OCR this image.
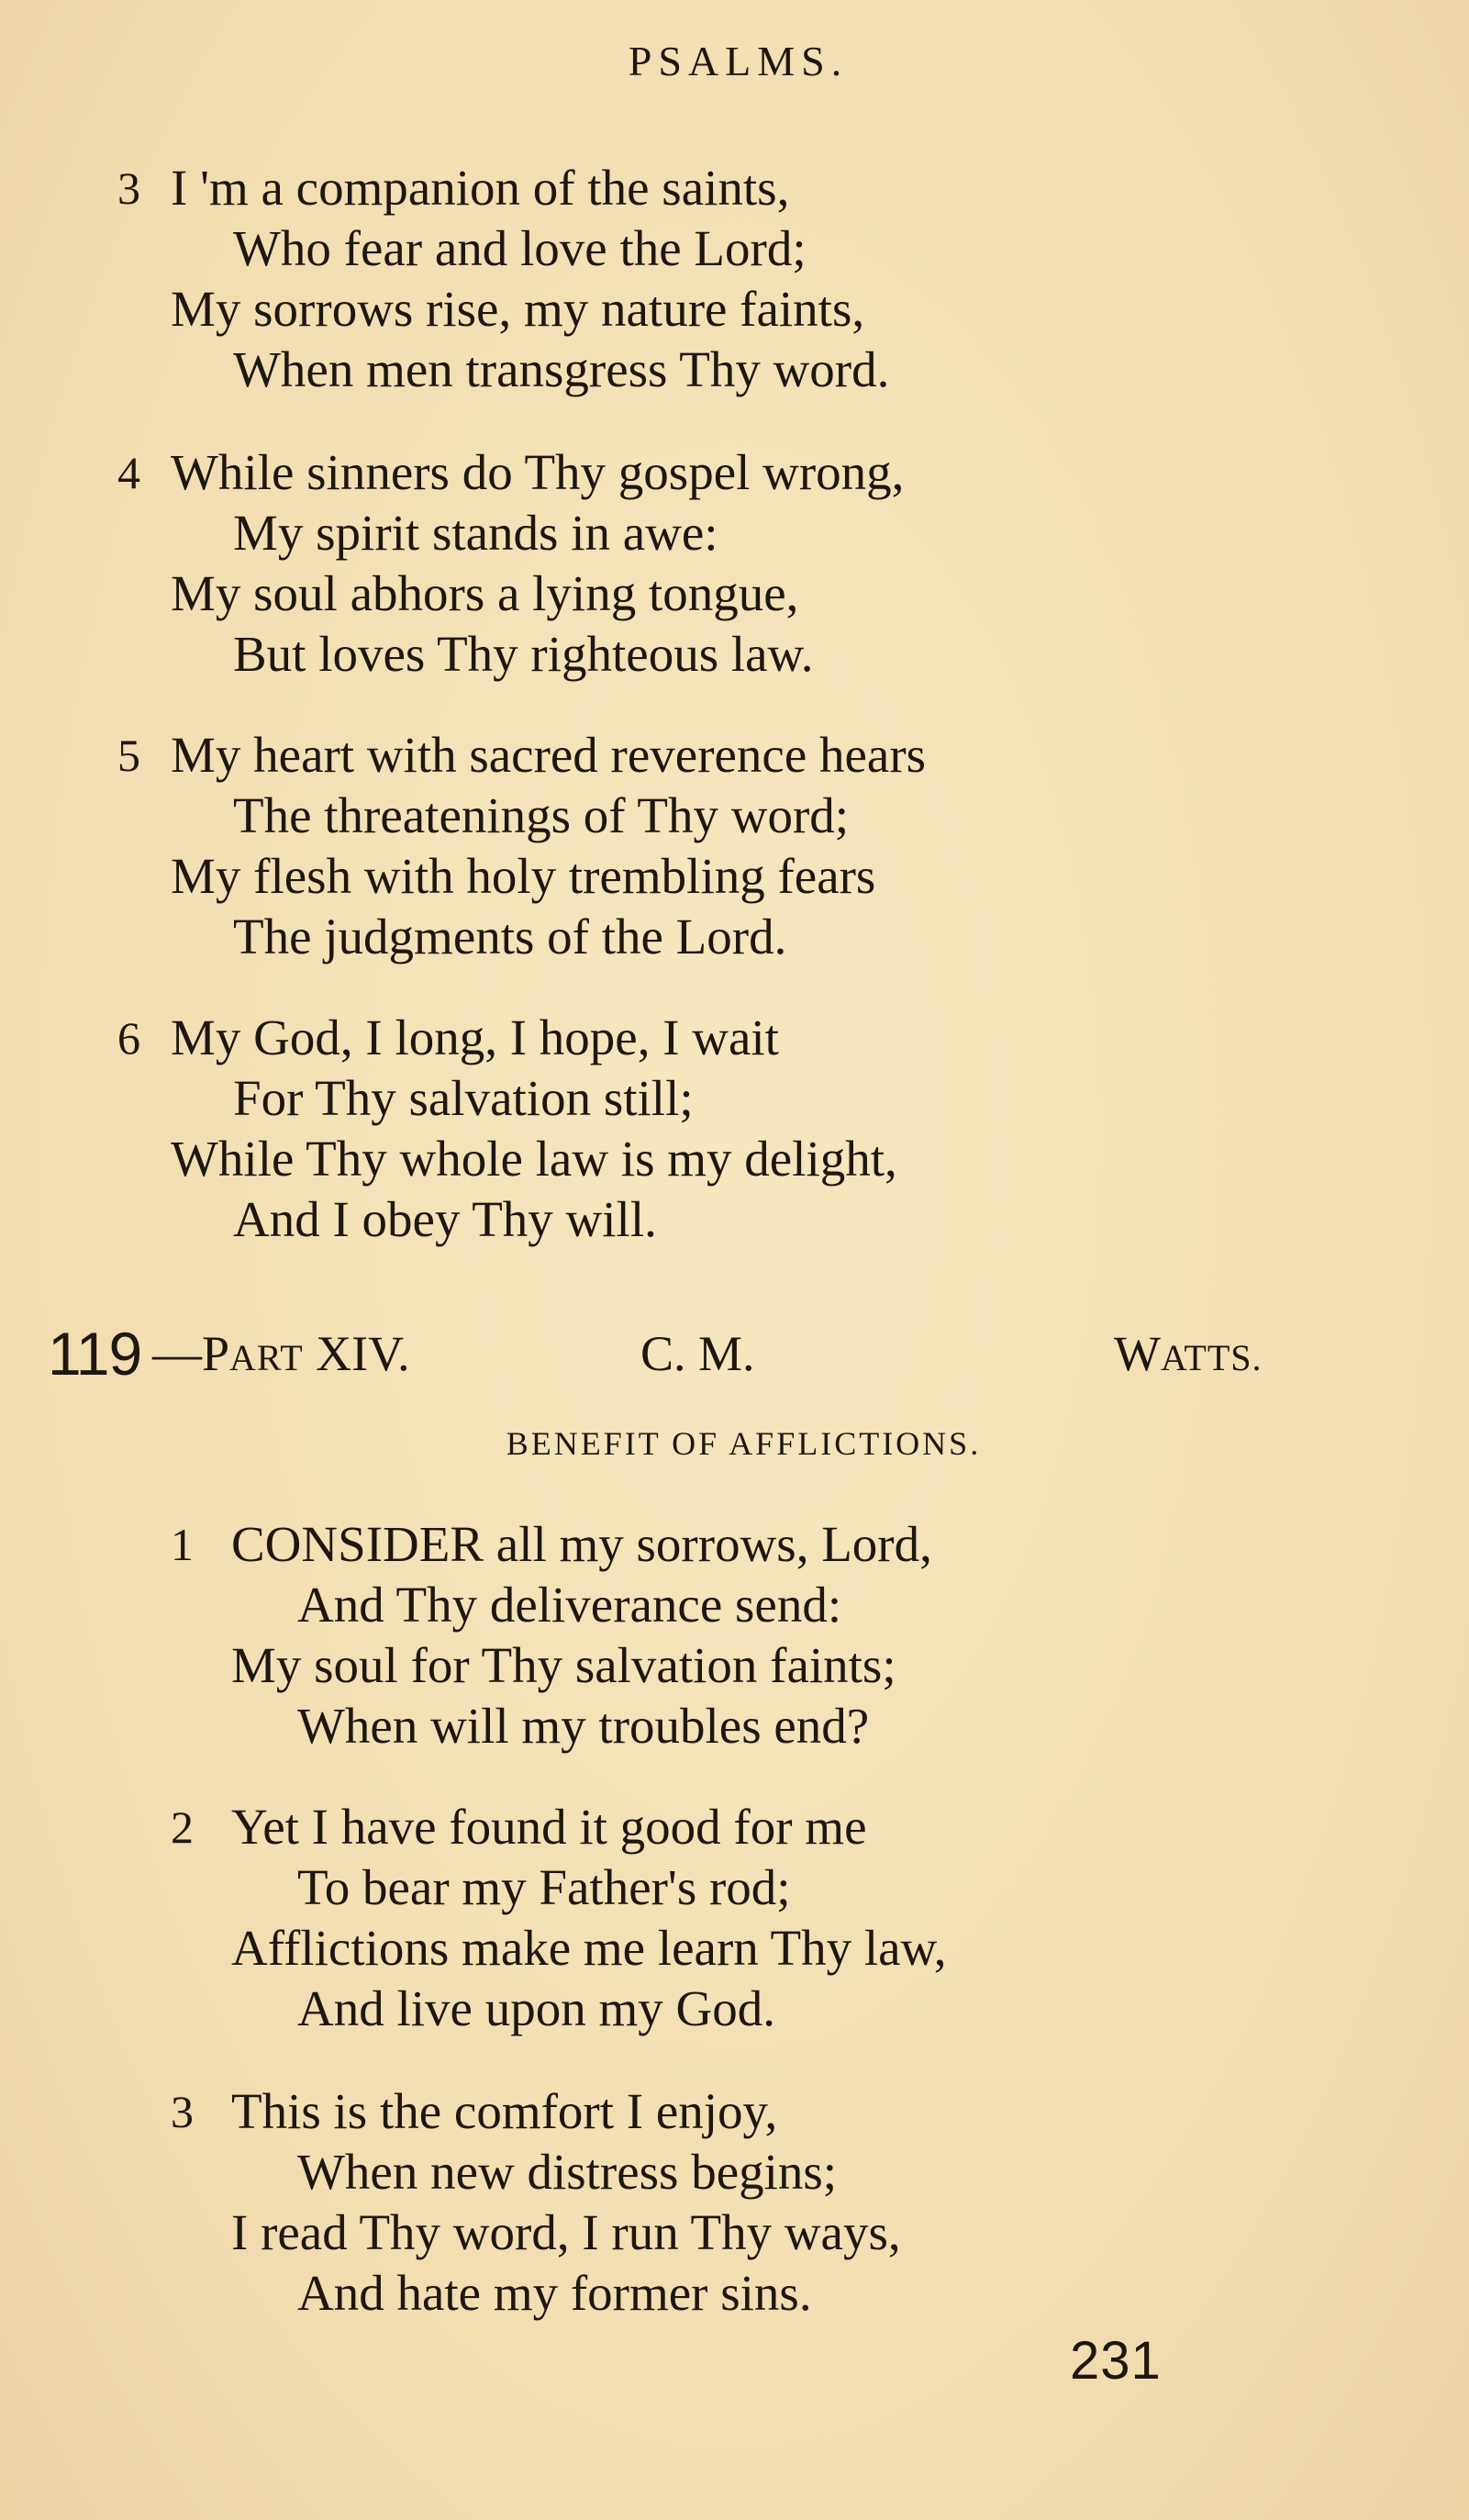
PSALMS.
3 I 'm a companion of the saints,
Who fear and love the Lord;
My sorrows rise, my nature faints,
When men transgress Thy word.
4 While sinners do Thy gospel wrong,
My spirit stands in awe:
My soul abhors a lying tongue,
But loves Thy righteous law.
5 My heart with sacred reverence hears
The threatenings of Thy word;
My flesh with holy trembling fears
The judgments of the Lord.
6 My God, I long, I hope, I wait
For Thy salvation still;
While Thy whole law is my delight,
And I obey Thy will.
119 —PART XIV.	C. M.	WATTS.
BENEFIT OF AFFLICTIONS.
1 CONSIDER all my sorrows, Lord,
And Thy deliverance send:
My soul for Thy salvation faints;
When will my troubles end?
2 Yet I have found it good for me
To bear my Father's rod;
Afflictions make me learn Thy law,
And live upon my God.
3 This is the comfort I enjoy,
When new distress begins;
I read Thy word, I run Thy ways,
And hate my former sins.
231
